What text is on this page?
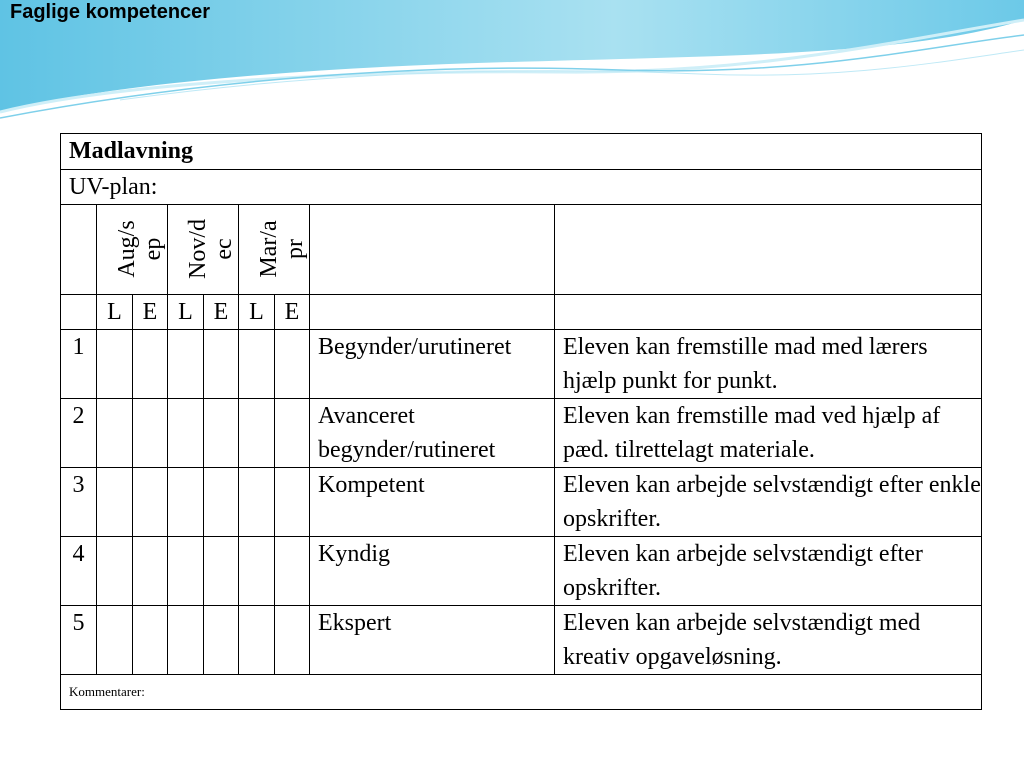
Faglige kompetencer
Madlavning								
UV-plan:								

	Aug/s ep		Nov/d ec		Mar/a pr			

	L	E	L	E	L	E		
1							Begynder/urutineret	Eleven kan fremstille mad med lærers hjælp punkt for punkt.
2							Avanceret begynder/rutineret	Eleven kan fremstille mad ved hjælp af pæd. tilrettelagt materiale.
3							Kompetent	Eleven kan arbejde selvstændigt efter enkle opskrifter.
4							Kyndig	Eleven kan arbejde selvstændigt efter opskrifter.
5							Ekspert	Eleven kan arbejde selvstændigt med kreativ opgaveløsning.
Kommentarer:								
